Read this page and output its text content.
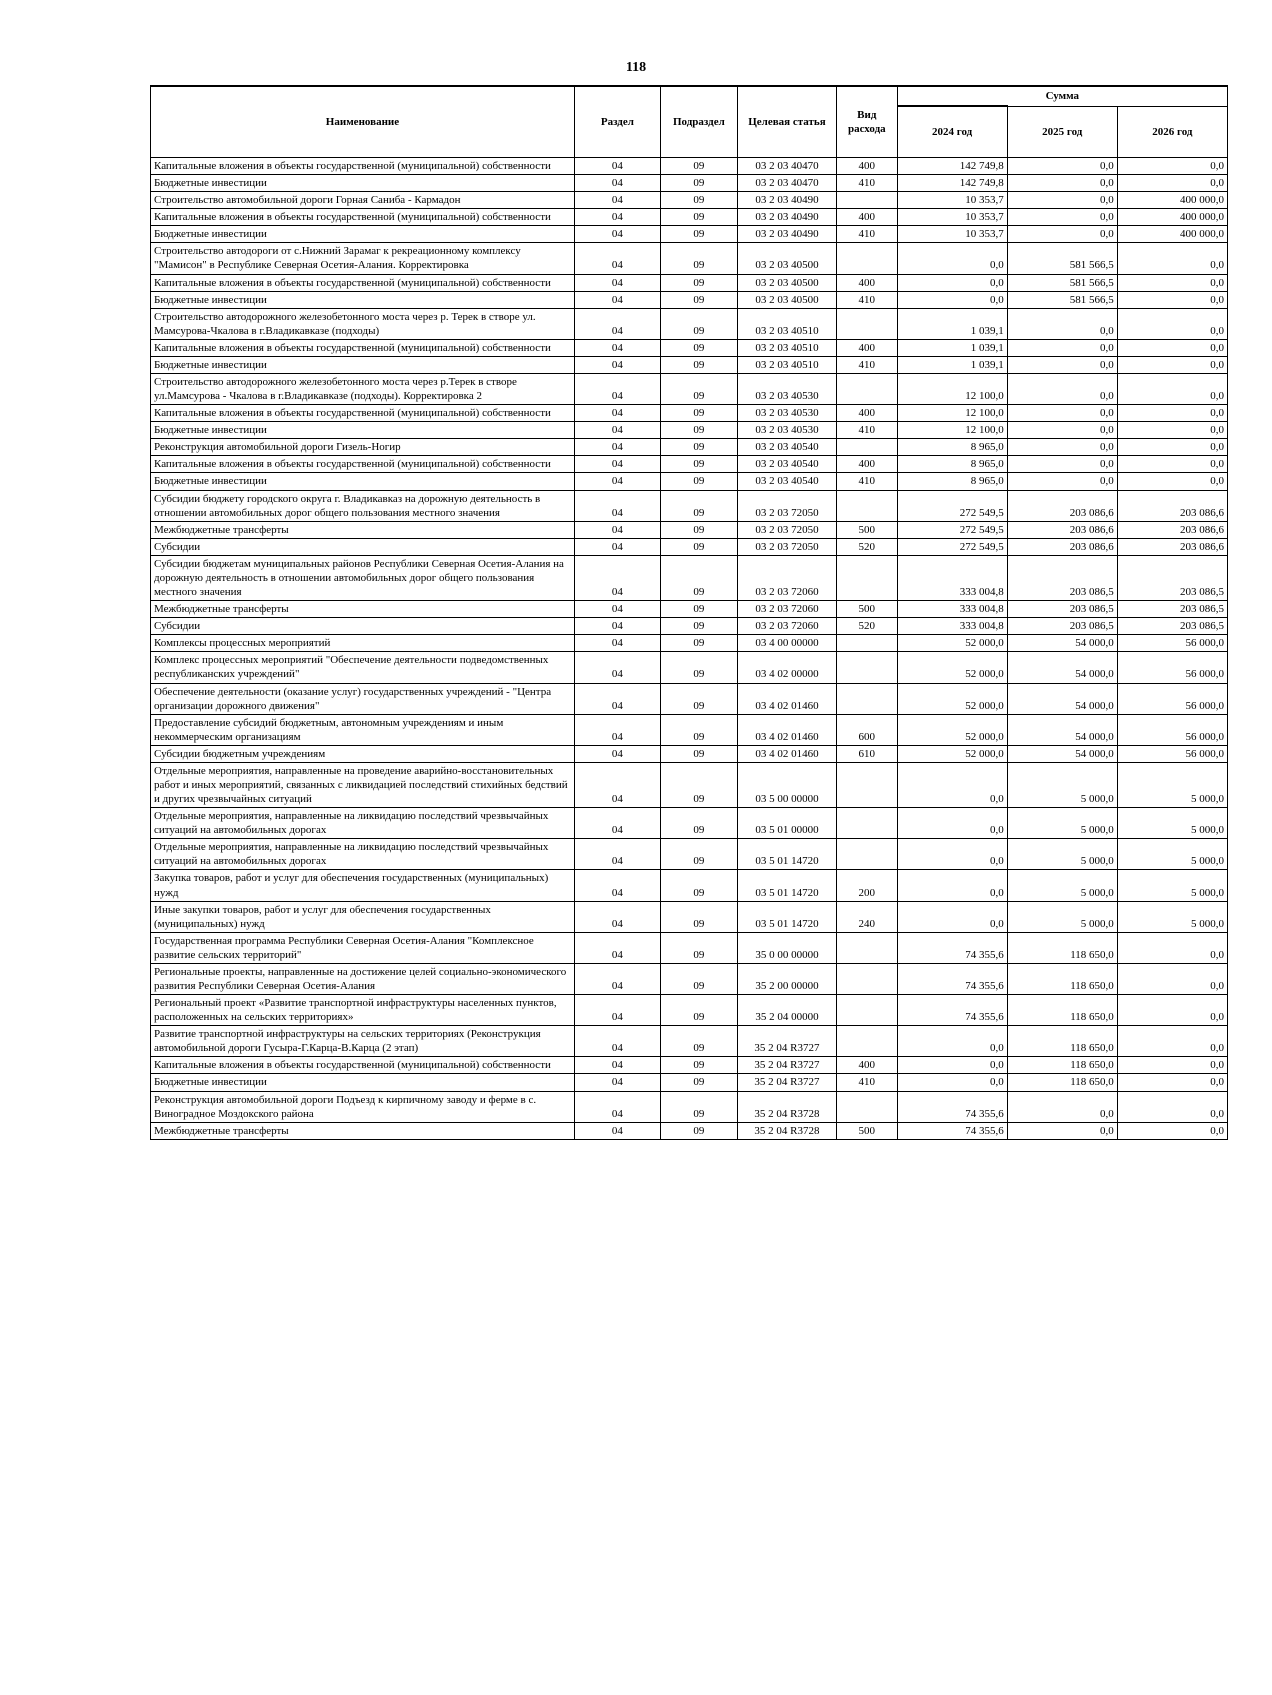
118
Наименование	Раздел	Подраздел	Целевая статья	Вид расхода	Сумма		
					2024 год	2025 год	2026 год
Капитальные вложения в объекты государственной (муниципальной) собственности	04	09	03 2 03 40470	400	142 749,8	0,0	0,0
Бюджетные инвестиции	04	09	03 2 03 40470	410	142 749,8	0,0	0,0
Строительство автомобильной дороги Горная Саниба - Кармадон	04	09	03 2 03 40490		10 353,7	0,0	400 000,0
Капитальные вложения в объекты государственной (муниципальной) собственности	04	09	03 2 03 40490	400	10 353,7	0,0	400 000,0
Бюджетные инвестиции	04	09	03 2 03 40490	410	10 353,7	0,0	400 000,0
Строительство автодороги от с.Нижний Зарамаг к рекреационному комплексу "Мамисон" в Республике Северная Осетия-Алания. Корректировка	04	09	03 2 03 40500		0,0	581 566,5	0,0
Капитальные вложения в объекты государственной (муниципальной) собственности	04	09	03 2 03 40500	400	0,0	581 566,5	0,0
Бюджетные инвестиции	04	09	03 2 03 40500	410	0,0	581 566,5	0,0
Строительство автодорожного железобетонного моста через р. Терек в створе ул. Мамсурова-Чкалова в г.Владикавказе (подходы)	04	09	03 2 03 40510		1 039,1	0,0	0,0
Капитальные вложения в объекты государственной (муниципальной) собственности	04	09	03 2 03 40510	400	1 039,1	0,0	0,0
Бюджетные инвестиции	04	09	03 2 03 40510	410	1 039,1	0,0	0,0
Строительство автодорожного железобетонного моста через р.Терек в створе ул.Мамсурова - Чкалова в г.Владикавказе (подходы). Корректировка 2	04	09	03 2 03 40530		12 100,0	0,0	0,0
Капитальные вложения в объекты государственной (муниципальной) собственности	04	09	03 2 03 40530	400	12 100,0	0,0	0,0
Бюджетные инвестиции	04	09	03 2 03 40530	410	12 100,0	0,0	0,0
Реконструкция автомобильной дороги Гизель-Ногир	04	09	03 2 03 40540		8 965,0	0,0	0,0
Капитальные вложения в объекты государственной (муниципальной) собственности	04	09	03 2 03 40540	400	8 965,0	0,0	0,0
Бюджетные инвестиции	04	09	03 2 03 40540	410	8 965,0	0,0	0,0
Субсидии бюджету городского округа г. Владикавказ на дорожную деятельность в отношении автомобильных дорог общего пользования местного значения	04	09	03 2 03 72050		272 549,5	203 086,6	203 086,6
Межбюджетные трансферты	04	09	03 2 03 72050	500	272 549,5	203 086,6	203 086,6
Субсидии	04	09	03 2 03 72050	520	272 549,5	203 086,6	203 086,6
Субсидии бюджетам муниципальных районов Республики Северная Осетия-Алания на дорожную деятельность в отношении автомобильных дорог общего пользования местного значения	04	09	03 2 03 72060		333 004,8	203 086,5	203 086,5
Межбюджетные трансферты	04	09	03 2 03 72060	500	333 004,8	203 086,5	203 086,5
Субсидии	04	09	03 2 03 72060	520	333 004,8	203 086,5	203 086,5
Комплексы процессных мероприятий	04	09	03 4 00 00000		52 000,0	54 000,0	56 000,0
Комплекс процессных мероприятий "Обеспечение деятельности подведомственных республиканских учреждений"	04	09	03 4 02 00000		52 000,0	54 000,0	56 000,0
Обеспечение деятельности (оказание услуг) государственных учреждений - "Центра организации дорожного движения"	04	09	03 4 02 01460		52 000,0	54 000,0	56 000,0
Предоставление субсидий бюджетным, автономным учреждениям и иным некоммерческим организациям	04	09	03 4 02 01460	600	52 000,0	54 000,0	56 000,0
Субсидии бюджетным учреждениям	04	09	03 4 02 01460	610	52 000,0	54 000,0	56 000,0
Отдельные мероприятия, направленные на проведение аварийно-восстановительных работ и иных мероприятий, связанных с ликвидацией последствий стихийных бедствий и других чрезвычайных ситуаций	04	09	03 5 00 00000		0,0	5 000,0	5 000,0
Отдельные мероприятия, направленные на ликвидацию последствий чрезвычайных ситуаций на автомобильных дорогах	04	09	03 5 01 00000		0,0	5 000,0	5 000,0
Отдельные мероприятия, направленные на ликвидацию последствий чрезвычайных ситуаций на автомобильных дорогах	04	09	03 5 01 14720		0,0	5 000,0	5 000,0
Закупка товаров, работ и услуг для обеспечения государственных (муниципальных) нужд	04	09	03 5 01 14720	200	0,0	5 000,0	5 000,0
Иные закупки товаров, работ и услуг для обеспечения государственных (муниципальных) нужд	04	09	03 5 01 14720	240	0,0	5 000,0	5 000,0
Государственная программа Республики Северная Осетия-Алания "Комплексное развитие сельских территорий"	04	09	35 0 00 00000		74 355,6	118 650,0	0,0
Региональные проекты, направленные на достижение целей социально-экономического развития Республики Северная Осетия-Алания	04	09	35 2 00 00000		74 355,6	118 650,0	0,0
Региональный проект «Развитие транспортной инфраструктуры населенных пунктов, расположенных на сельских территориях»	04	09	35 2 04 00000		74 355,6	118 650,0	0,0
Развитие транспортной инфраструктуры на сельских территориях (Реконструкция автомобильной дороги Гусыра-Г.Карца-В.Карца (2 этап)	04	09	35 2 04 R3727		0,0	118 650,0	0,0
Капитальные вложения в объекты государственной (муниципальной) собственности	04	09	35 2 04 R3727	400	0,0	118 650,0	0,0
Бюджетные инвестиции	04	09	35 2 04 R3727	410	0,0	118 650,0	0,0
Реконструкция автомобильной дороги Подъезд к кирпичному заводу и ферме в с. Виноградное Моздокского района	04	09	35 2 04 R3728		74 355,6	0,0	0,0
Межбюджетные трансферты	04	09	35 2 04 R3728	500	74 355,6	0,0	0,0
